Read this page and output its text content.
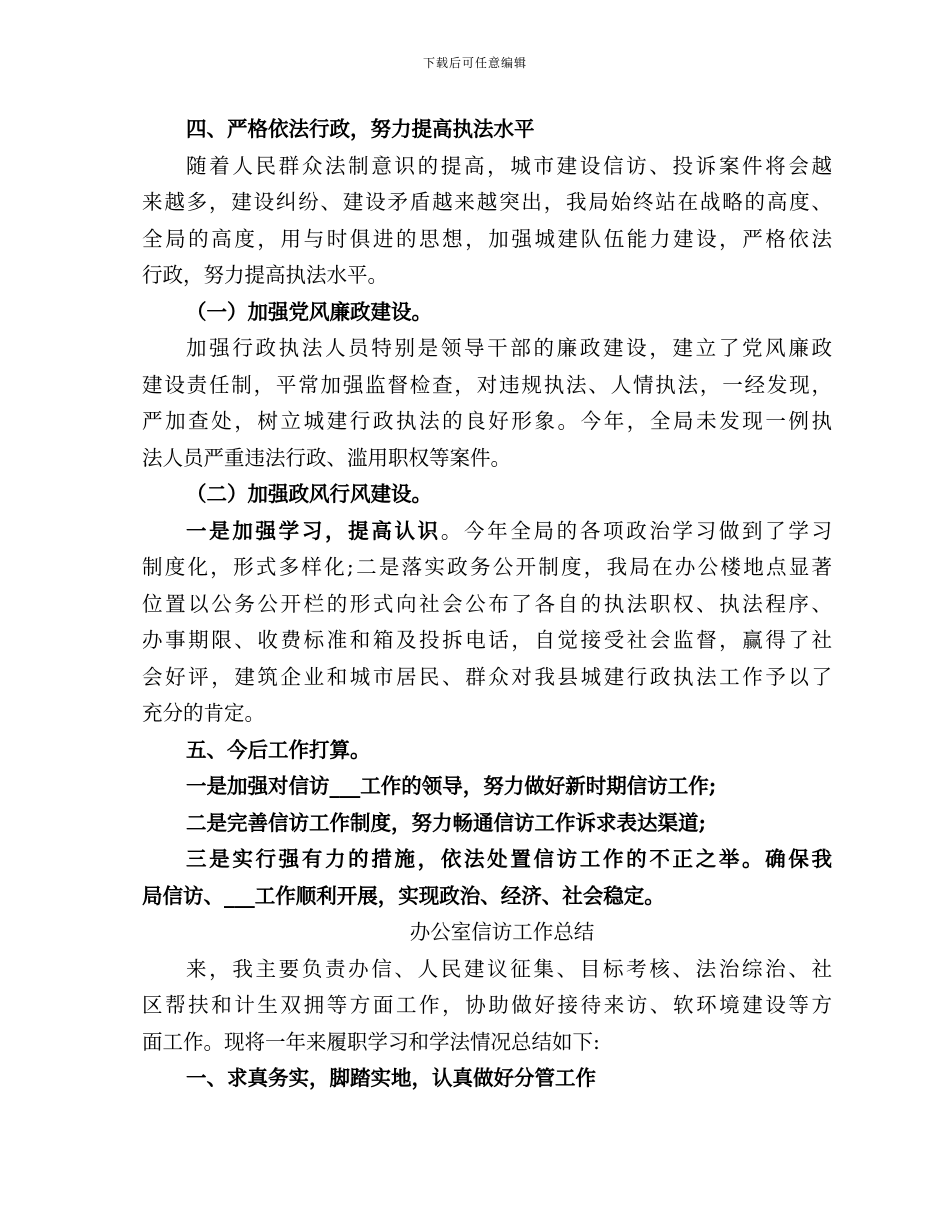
下载后可任意编辑
四、严格依法行政，努力提高执法水平
随着人民群众法制意识的提高，城市建设信访、投诉案件将会越
来越多，建设纠纷、建设矛盾越来越突出，我局始终站在战略的高度、
全局的高度，用与时俱进的思想，加强城建队伍能力建设，严格依法
行政，努力提高执法水平。
（一）加强党风廉政建设。
加强行政执法人员特别是领导干部的廉政建设，建立了党风廉政
建设责任制，平常加强监督检查，对违规执法、人情执法，一经发现，
严加查处，树立城建行政执法的良好形象。今年，全局未发现一例执
法人员严重违法行政、滥用职权等案件。
（二）加强政风行风建设。
一是加强学习，提高认识。今年全局的各项政治学习做到了学习
制度化，形式多样化;二是落实政务公开制度，我局在办公楼地点显著
位置以公务公开栏的形式向社会公布了各自的执法职权、执法程序、
办事期限、收费标准和箱及投拆电话，自觉接受社会监督，赢得了社
会好评，建筑企业和城市居民、群众对我县城建行政执法工作予以了
充分的肯定。
五、今后工作打算。
一是加强对信访___工作的领导，努力做好新时期信访工作;
二是完善信访工作制度，努力畅通信访工作诉求表达渠道;
三是实行强有力的措施，依法处置信访工作的不正之举。确保我
局信访、___工作顺利开展，实现政治、经济、社会稳定。
办公室信访工作总结
来，我主要负责办信、人民建议征集、目标考核、法治综治、社
区帮扶和计生双拥等方面工作，协助做好接待来访、软环境建设等方
面工作。现将一年来履职学习和学法情况总结如下:
一、求真务实，脚踏实地，认真做好分管工作
